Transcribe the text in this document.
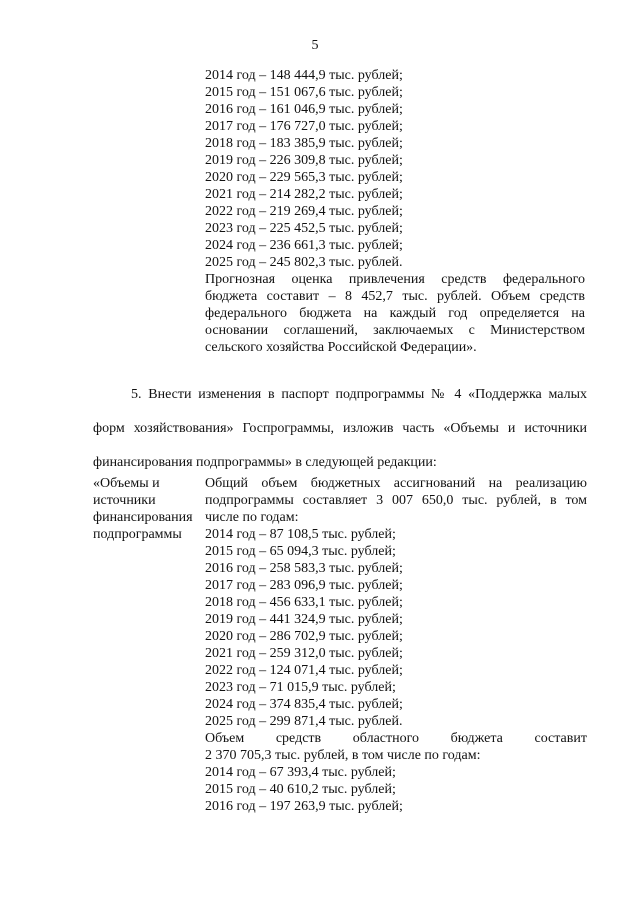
5
2014 год – 148 444,9 тыс. рублей;
2015 год – 151 067,6 тыс. рублей;
2016 год – 161 046,9 тыс. рублей;
2017 год – 176 727,0 тыс. рублей;
2018 год – 183 385,9 тыс. рублей;
2019 год – 226 309,8 тыс. рублей;
2020 год – 229 565,3 тыс. рублей;
2021 год – 214 282,2 тыс. рублей;
2022 год – 219 269,4 тыс. рублей;
2023 год – 225 452,5 тыс. рублей;
2024 год – 236 661,3 тыс. рублей;
2025 год – 245 802,3 тыс. рублей.
Прогнозная оценка привлечения средств федерального
бюджета составит – 8 452,7 тыс. рублей. Объем средств
федерального бюджета на каждый год определяется на
основании соглашений, заключаемых с Министерством
сельского хозяйства Российской Федерации».
5. Внести изменения в паспорт подпрограммы № 4 «Поддержка малых
форм хозяйствования» Госпрограммы, изложив часть «Объемы и источники
финансирования подпрограммы» в следующей редакции:
«Объемы и
источники
финансирования
подпрограммы
Общий объем бюджетных ассигнований на реализацию
подпрограммы составляет 3 007 650,0 тыс. рублей, в том
числе по годам:
2014 год – 87 108,5 тыс. рублей;
2015 год – 65 094,3 тыс. рублей;
2016 год – 258 583,3 тыс. рублей;
2017 год – 283 096,9 тыс. рублей;
2018 год – 456 633,1 тыс. рублей;
2019 год – 441 324,9 тыс. рублей;
2020 год – 286 702,9 тыс. рублей;
2021 год – 259 312,0 тыс. рублей;
2022 год – 124 071,4 тыс. рублей;
2023 год – 71 015,9 тыс. рублей;
2024 год – 374 835,4 тыс. рублей;
2025 год – 299 871,4 тыс. рублей.
Объем средств областного бюджета составит
2 370 705,3 тыс. рублей, в том числе по годам:
2014 год – 67 393,4 тыс. рублей;
2015 год – 40 610,2 тыс. рублей;
2016 год – 197 263,9 тыс. рублей;
